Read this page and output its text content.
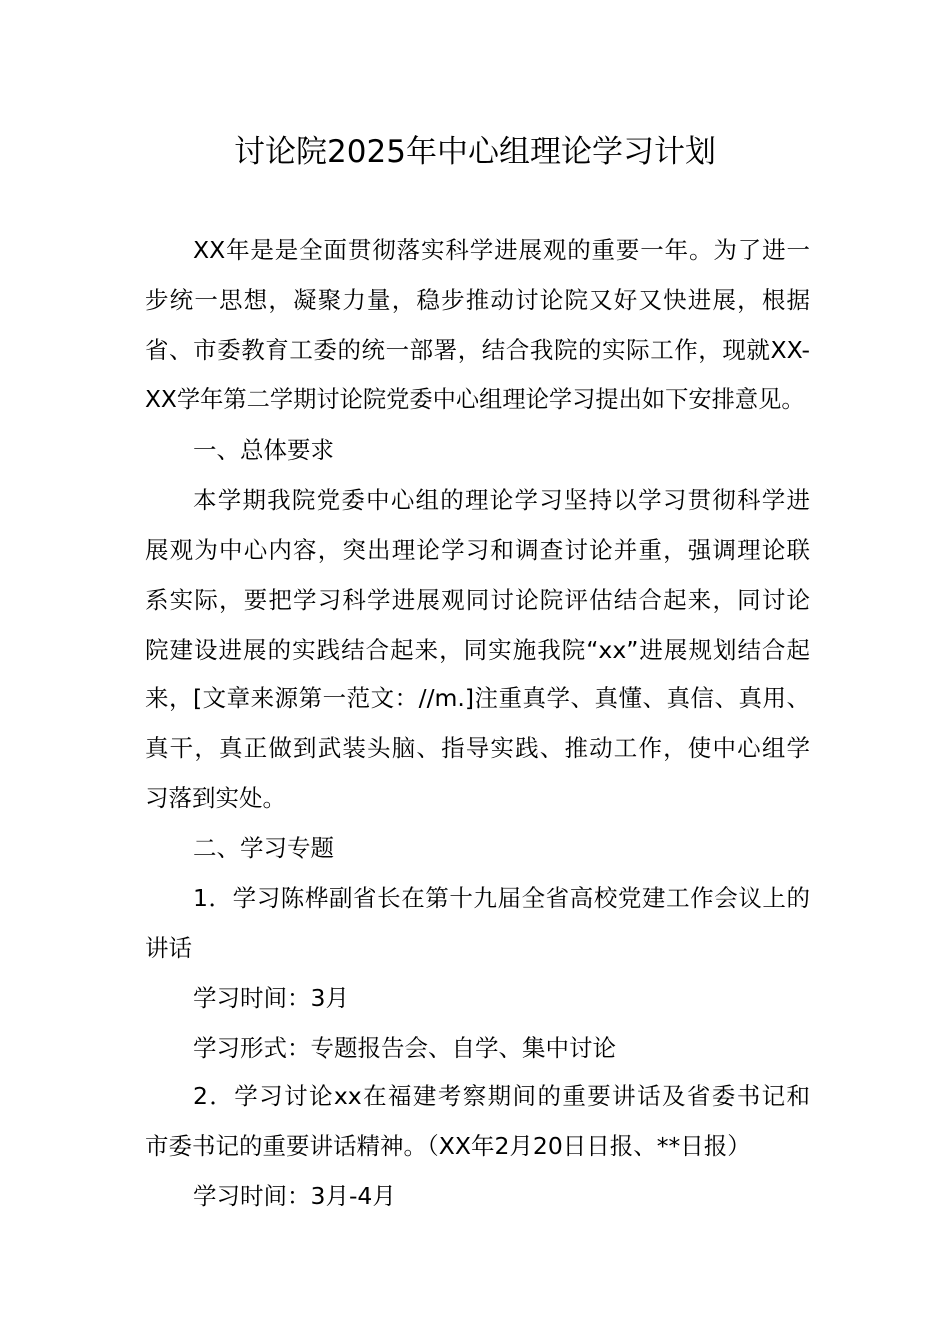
讨论院2025年中心组理论学习计划
XX年是是全面贯彻落实科学进展观的重要一年。为了进一
步统一思想，凝聚力量，稳步推动讨论院又好又快进展，根据
省、市委教育工委的统一部署，结合我院的实际工作，现就XX-
XX学年第二学期讨论院党委中心组理论学习提出如下安排意见。
一、总体要求
本学期我院党委中心组的理论学习坚持以学习贯彻科学进
展观为中心内容，突出理论学习和调查讨论并重，强调理论联
系实际，要把学习科学进展观同讨论院评估结合起来，同讨论
院建设进展的实践结合起来，同实施我院“xx”进展规划结合起
来，[文章来源第一范文：//m.]注重真学、真懂、真信、真用、
真干，真正做到武装头脑、指导实践、推动工作，使中心组学
习落到实处。
二、学习专题
1．学习陈桦副省长在第十九届全省高校党建工作会议上的
讲话
学习时间：3月
学习形式：专题报告会、自学、集中讨论
2．学习讨论xx在福建考察期间的重要讲话及省委书记和
市委书记的重要讲话精神。（XX年2月20日日报、**日报）
学习时间：3月-4月
